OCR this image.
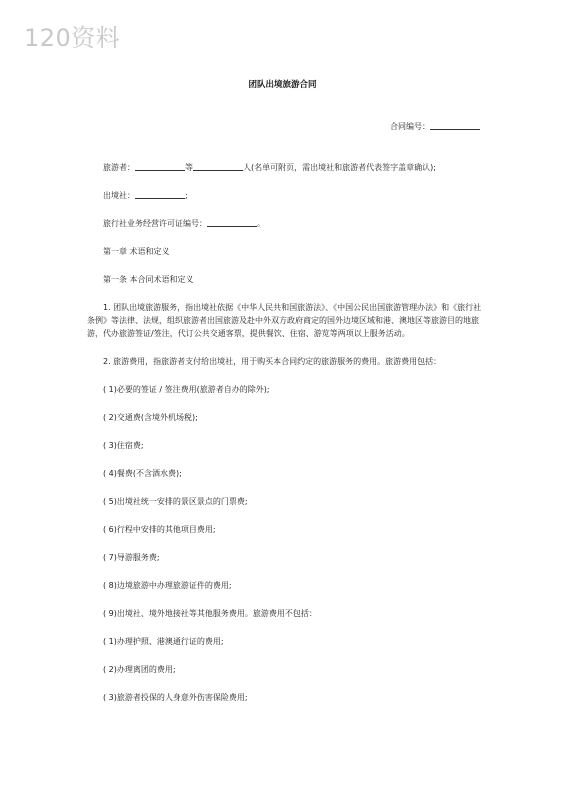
120资料
团队出境旅游合同
合同编号：

旅游者：	等	人(名单可附页，需出境社和旅游者代表签字盖章确认);

出境社：	;

旅行社业务经营许可证编号：	。

第一章 术语和定义

第一条 本合同术语和定义

1. 团队出境旅游服务，指出境社依据《中华人民共和国旅游法》、《中国公民出国旅游管理办法》和《旅行社条例》等法律、法规，组织旅游者出国旅游及赴中外双方政府商定的国外边境区域和港、澳地区等旅游目的地旅游，代办旅游签证/签注，代订公共交通客票，提供餐饮、住宿、游览等两项以上服务活动。

2. 旅游费用，指旅游者支付给出境社，用于购买本合同约定的旅游服务的费用。旅游费用包括：

( 1)必要的签证 / 签注费用(旅游者自办的除外);

( 2)交通费(含境外机场税);

( 3)住宿费;

( 4)餐费(不含酒水费);

( 5)出境社统一安排的景区景点的门票费;

( 6)行程中安排的其他项目费用;

( 7)导游服务费;

( 8)边境旅游中办理旅游证件的费用;

( 9)出境社、境外地接社等其他服务费用。旅游费用不包括：

( 1)办理护照、港澳通行证的费用;

( 2)办理离团的费用;

( 3)旅游者投保的人身意外伤害保险费用;
